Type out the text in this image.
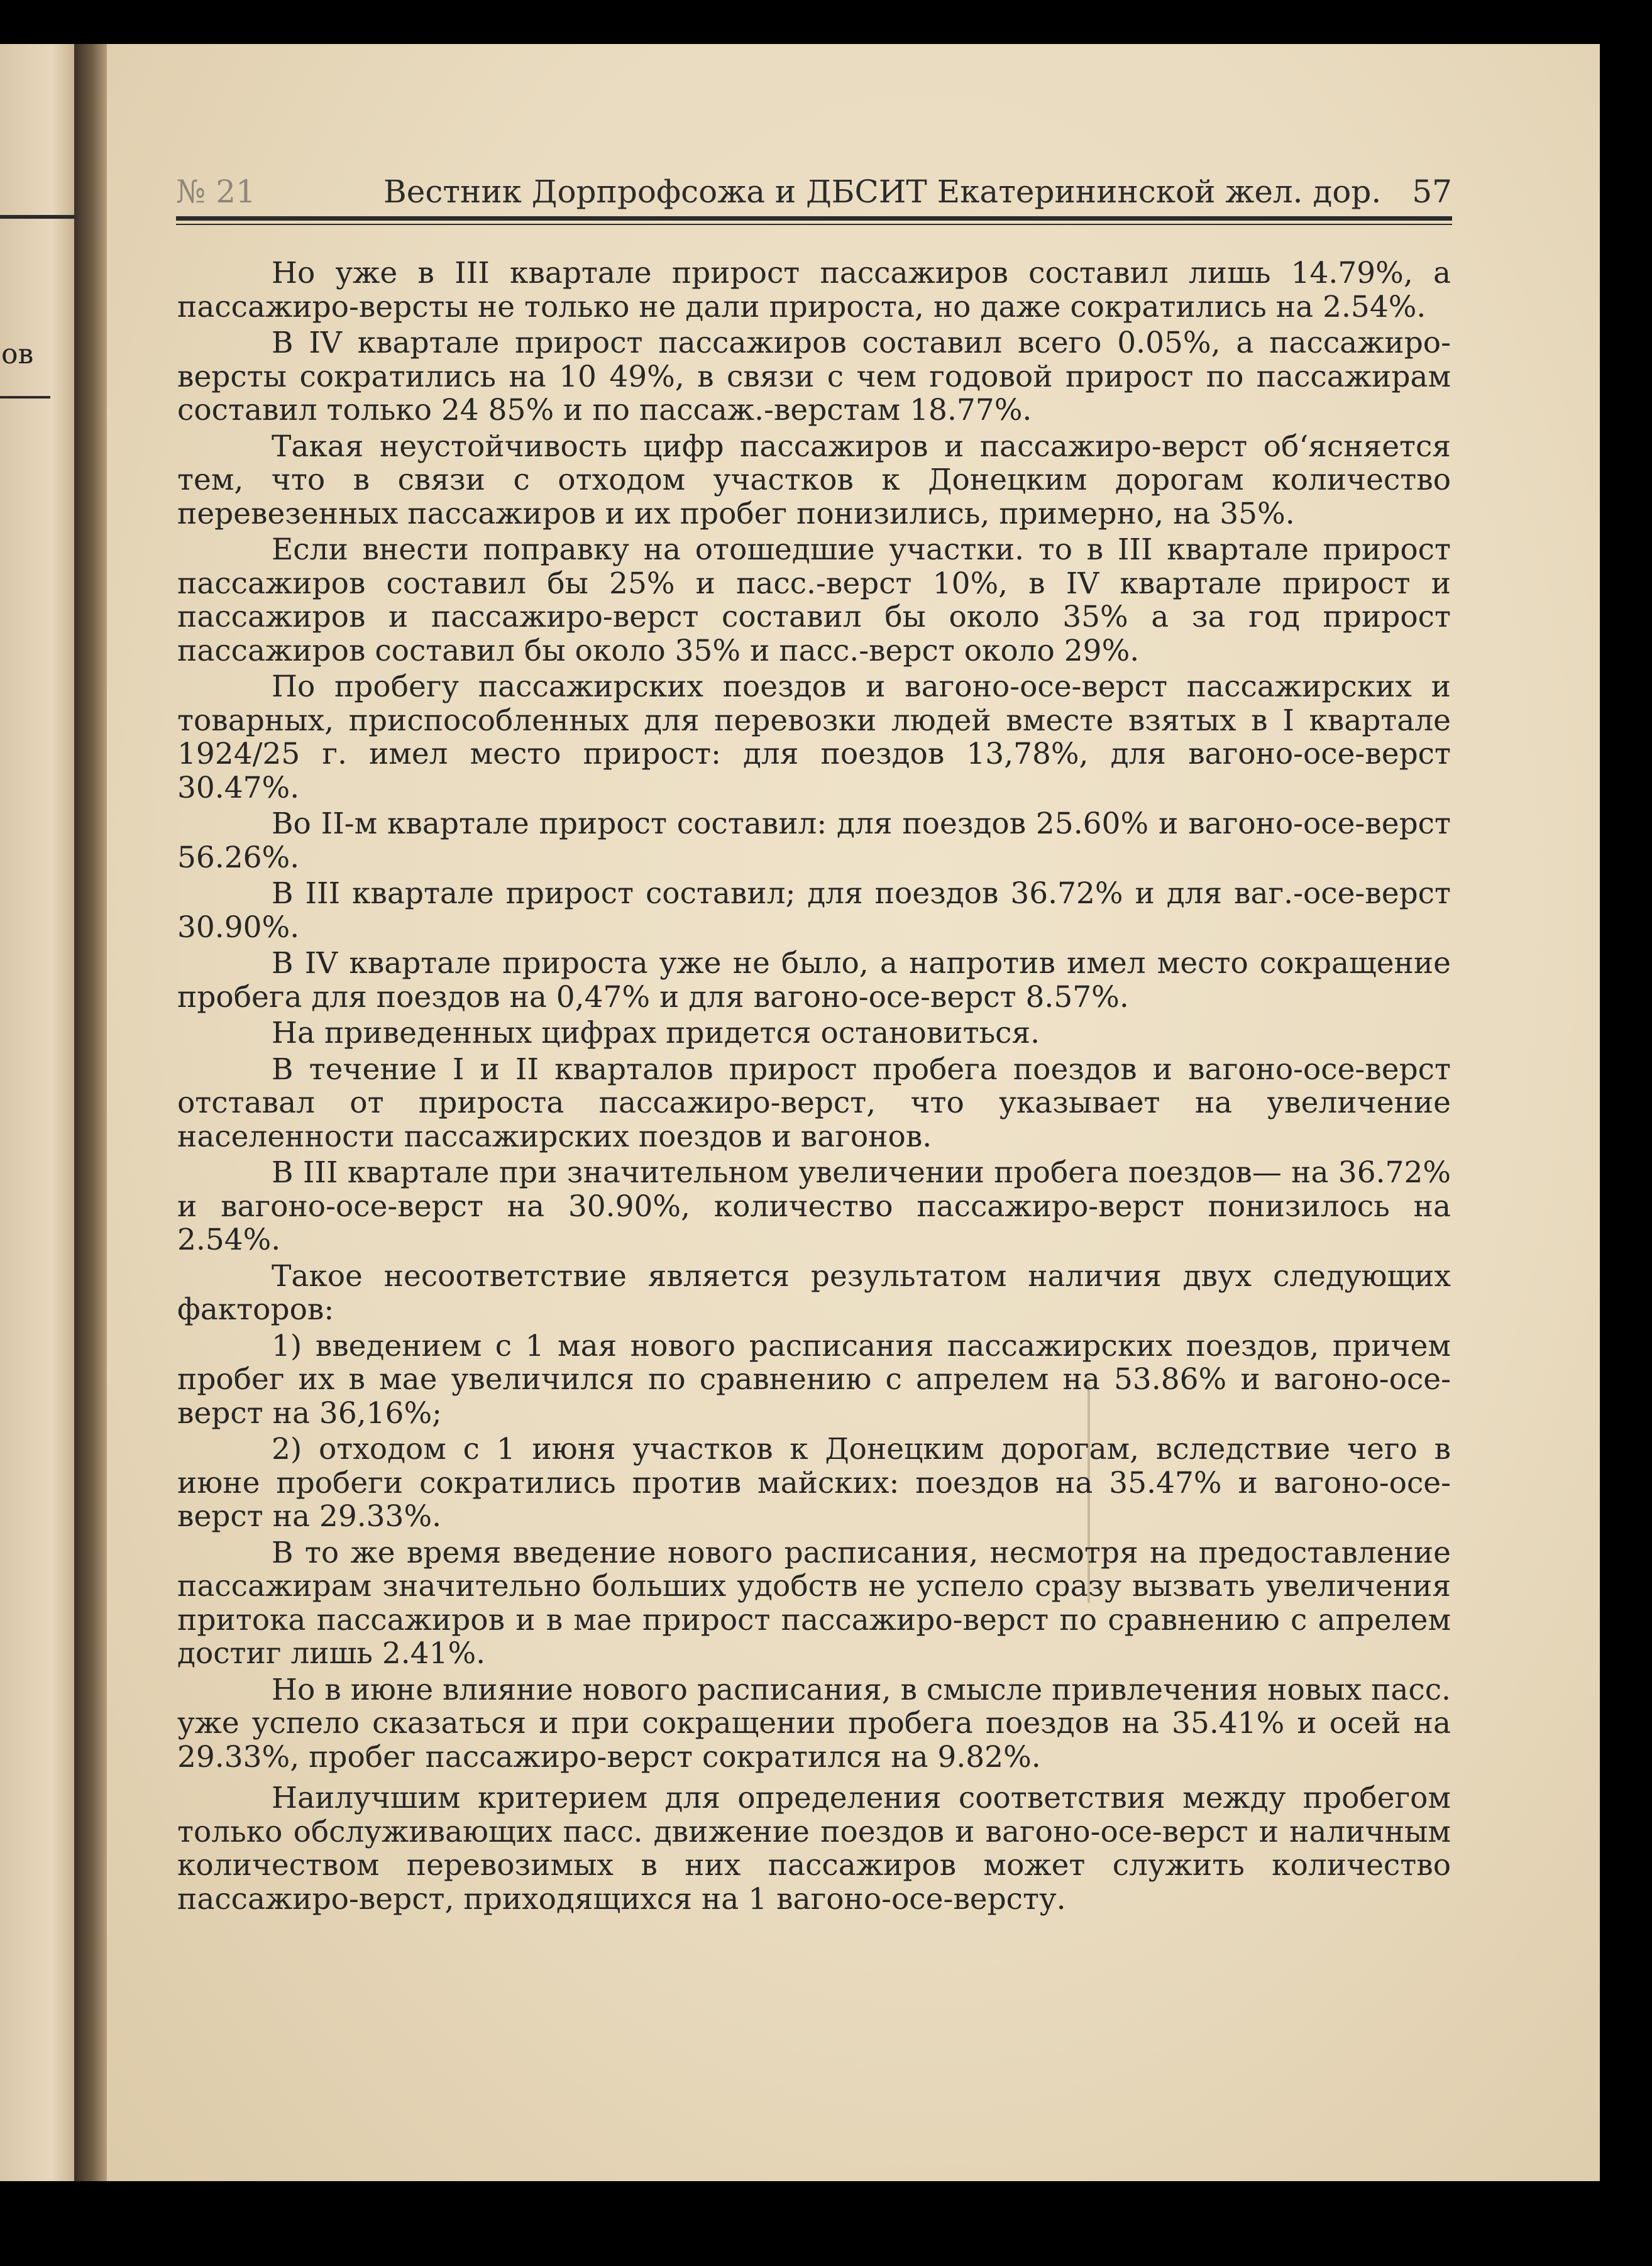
ов
№ 21	Вестник Дорпрофсожа и ДБСИТ Екатерининской жел. дор. 57

Но уже в III квартале прирост пассажиров составил лишь 14.79%, а пассажиро-версты не только не дали прироста, но даже сократились на 2.54%.

В IV квартале прирост пассажиров составил всего 0.05%, а пассажиро-версты сократились на 10 49%, в связи с чем годовой прирост по пассажирам составил только 24 85% и по пассаж.-верстам 18.77%.

Такая неустойчивость цифр пассажиров и пассажиро-верст об‘ясняется тем, что в связи с отходом участков к Донецким дорогам количество перевезенных пассажиров и их пробег понизились, примерно, на 35%.

Если внести поправку на отошедшие участки. то в III квартале прирост пассажиров составил бы 25% и пасс.-верст 10%, в IV квартале прирост и пассажиров и пассажиро-верст составил бы около 35% а за год прирост пассажиров составил бы около 35% и пасс.-верст около 29%.

По пробегу пассажирских поездов и вагоно-осе-верст пассажирских и товарных, приспособленных для перевозки людей вместе взятых в I квартале 1924/25 г. имел место прирост: для поездов 13,78%, для вагоно-осе-верст 30.47%.

Во II-м квартале прирост составил: для поездов 25.60% и вагоно-осе-верст 56.26%.

В III квартале прирост составил; для поездов 36.72% и для ваг.-осе-верст 30.90%.

В IV квартале прироста уже не было, а напротив имел место сокращение пробега для поездов на 0,47% и для вагоно-осе-верст 8.57%.

На приведенных цифрах придется остановиться.

В течение I и II кварталов прирост пробега поездов и вагоно-осе-верст отставал от прироста пассажиро-верст, что указывает на увеличение населенности пассажирских поездов и вагонов.

В III квартале при значительном увеличении пробега поездов— на 36.72% и вагоно-осе-верст на 30.90%, количество пассажиро-верст понизилось на 2.54%.

Такое несоответствие является результатом наличия двух следующих факторов:

1) введением с 1 мая нового расписания пассажирских поездов, причем пробег их в мае увеличился по сравнению с апрелем на 53.86% и вагоно-осе-верст на 36,16%;

2) отходом с 1 июня участков к Донецким дорогам, вследствие чего в июне пробеги сократились против майских: поездов на 35.47% и вагоно-осе-верст на 29.33%.

В то же время введение нового расписания, несмотря на предоставление пассажирам значительно больших удобств не успело сразу вызвать увеличения притока пассажиров и в мае прирост пассажиро-верст по сравнению с апрелем достиг лишь 2.41%.

Но в июне влияние нового расписания, в смысле привлечения новых пасс. уже успело сказаться и при сокращении пробега поездов на 35.41% и осей на 29.33%, пробег пассажиро-верст сократился на 9.82%.

Наилучшим критерием для определения соответствия между пробегом только обслуживающих пасс. движение поездов и вагоно-осе-верст и наличным количеством перевозимых в них пассажиров может служить количество пассажиро-верст, приходящихся на 1 вагоно-осе-версту.
